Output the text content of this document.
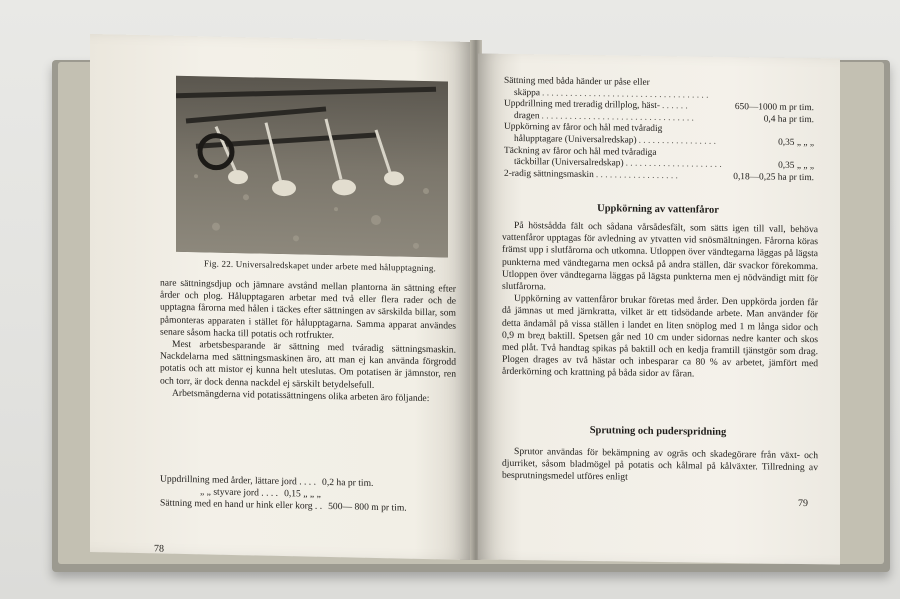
Fig. 22. Universalredskapet under arbete med hålupptagning.

nare sättningsdjup och jämnare avstånd mellan plantorna än sättning efter årder och plog. Hålupptagaren arbetar med två eller flera rader och de upptagna fårorna med hålen i täckes efter sättningen av särskilda billar, som påmonteras apparaten i stället för hålupptagarna. Samma apparat användes senare såsom hacka till potatis och rotfrukter.

Mest arbetsbesparande är sättning med tváradig sättningsmaskin. Nackdelarna med sättningsmaskinen äro, att man ej kan använda förgrodd potatis och att mistor ej kunna helt uteslutas. Om potatisen är jämnstor, ren och torr, är dock denna nackdel ej särskilt betydelsefull.

Arbetsmängderna vid potatissättningens olika arbeten äro följande:

Uppdrillning med årder, lättare jord . . . . 0,2 ha pr tim.
„ „ styvare jord . . . . 0,15 „ „ „
Sättning med en hand ur hink eller korg . . 500— 800 m pr tim.
78
Sättning med båda händer ur påse eller
skäppa . . . . . . . . . . . . . . . . . . . . . . . . . . . . . . . . . . . .
Uppdrillning med treradig drillplog, häst- . . . . . .	650—1000 m pr tim.
dragen . . . . . . . . . . . . . . . . . . . . . . . . . . . . . . . . .	0,4 ha pr tim.
Uppkörning av fåror och hål med tvåradig
hålupptagare (Universalredskap) . . . . . . . . . . . . . . . . .	0,35 „ „ „
Täckning av fåror och hål med tvåradiga
täckbillar (Universalredskap) . . . . . . . . . . . . . . . . . . . . .	0,35 „ „ „
2-radig sättningsmaskin . . . . . . . . . . . . . . . . . .	0,18—0,25 ha pr tim.
Uppkörning av vattenfåror

På höstsådda fält och sådana vårsådesfält, som sätts igen till vall, behöva vattenfåror upptagas för avledning av ytvatten vid snösmältningen. Fårorna köras främst upp i slutfårorna och utkomna. Utloppen över vändtegarna läggas på lägsta punkterna med vändtegarna men också på andra ställen, där svackor förekomma. Utloppen över vändtegarna läggas på lägsta punkterna men ej nödvändigt mitt för slutfårorna.

Uppkörning av vattenfåror brukar företas med årder. Den uppkörda jorden får då jämnas ut med järnkratta, vilket är ett tidsödande arbete. Man använder för detta ändamål på vissa ställen i landet en liten snöplog med 1 m långa sidor och 0,9 m brед baktill. Spetsen går ned 10 cm under sidornas nedre kanter och skos med plåt. Två handtag spikas på baktill och en kedja framtill tjänstgör som drag. Plogen drages av två hästar och inbesparar ca 80 % av arbetet, jämfört med årderkörning och krattning på båda sidor av fåran.

Sprutning och puderspridning

Sprutor användas för bekämpning av ogräs och skadegörare från växt- och djurriket, såsom bladmögel på potatis och kålmal på kålväxter. Tillredning av besprutningsmedel utföres enligt

79
